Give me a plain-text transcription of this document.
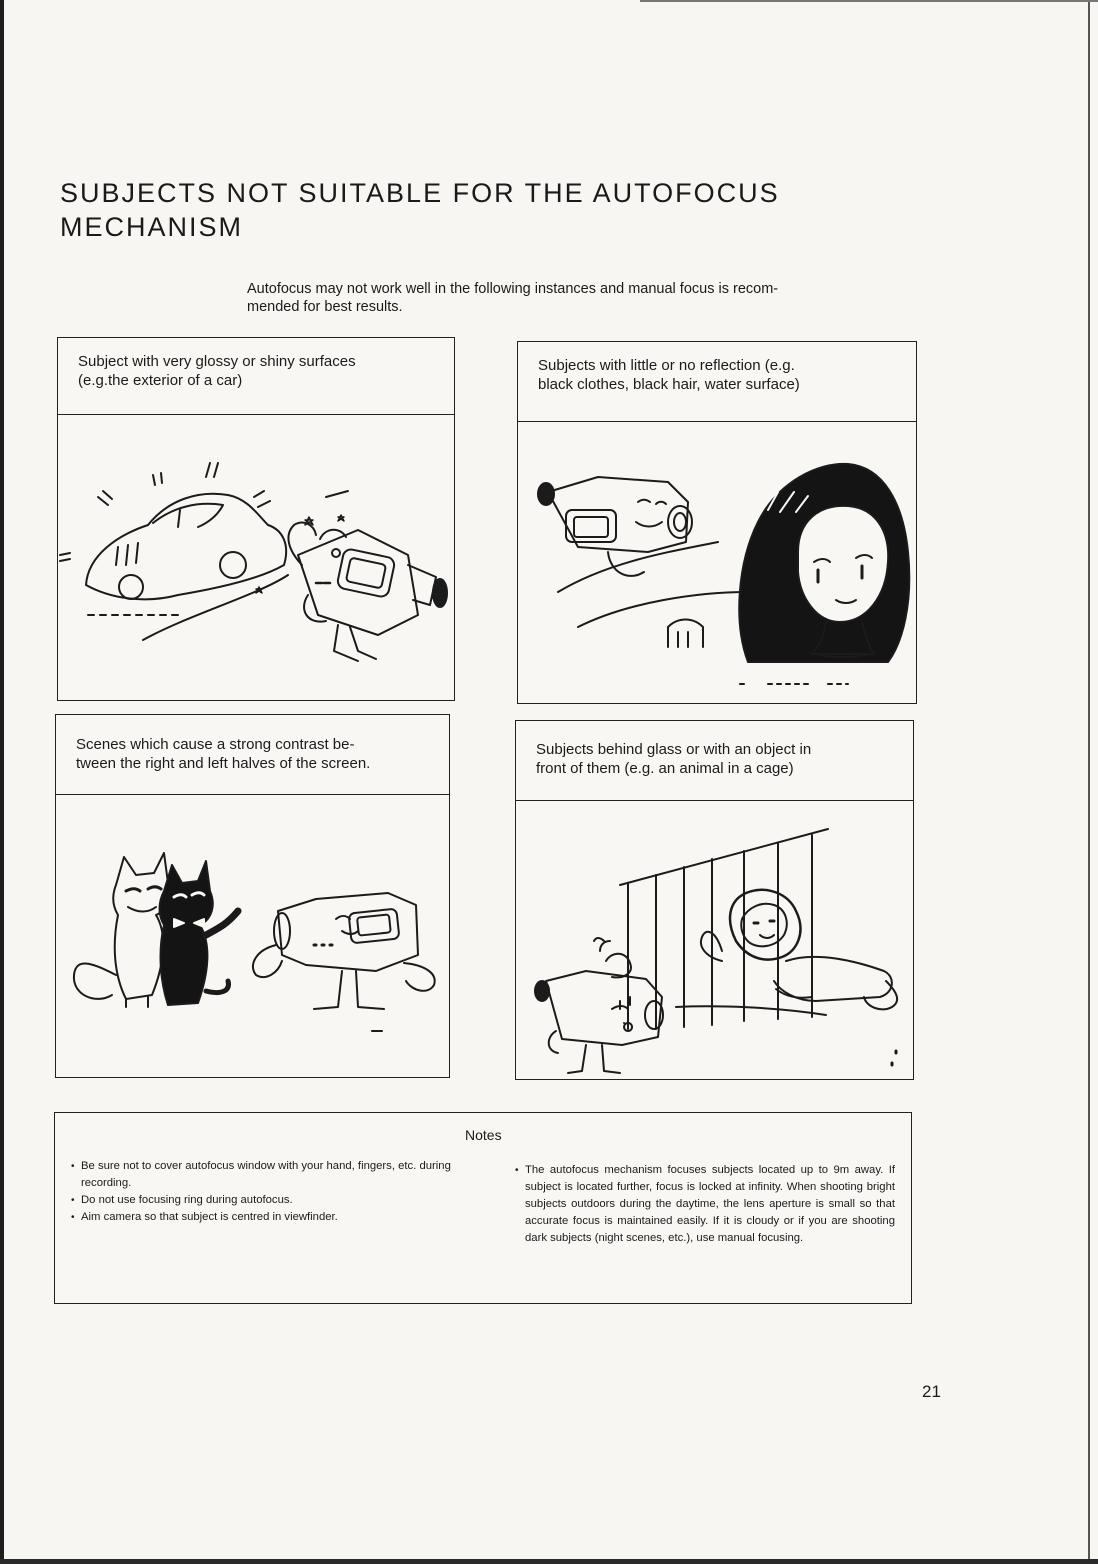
SUBJECTS NOT SUITABLE FOR THE AUTOFOCUS
MECHANISM
Autofocus may not work well in the following instances and manual focus is recom-
mended for best results.
Subject with very glossy or shiny surfaces
(e.g.the exterior of a car)
Subjects with little or no reflection (e.g.
black clothes, black hair, water surface)
Scenes which cause a strong contrast be-
tween the right and left halves of the screen.
Subjects behind glass or with an object in
front of them (e.g. an animal in a cage)
Notes
• Be sure not to cover autofocus window with your hand, fingers, etc. during recording.
• Do not use focusing ring during autofocus.
• Aim camera so that subject is centred in viewfinder.
• The autofocus mechanism focuses subjects located up to 9m away. If subject is located further, focus is locked at infinity. When shooting bright subjects outdoors during the daytime, the lens aperture is small so that accurate focus is maintained easily. If it is cloudy or if you are shooting dark subjects (night scenes, etc.), use manual focusing.
21
